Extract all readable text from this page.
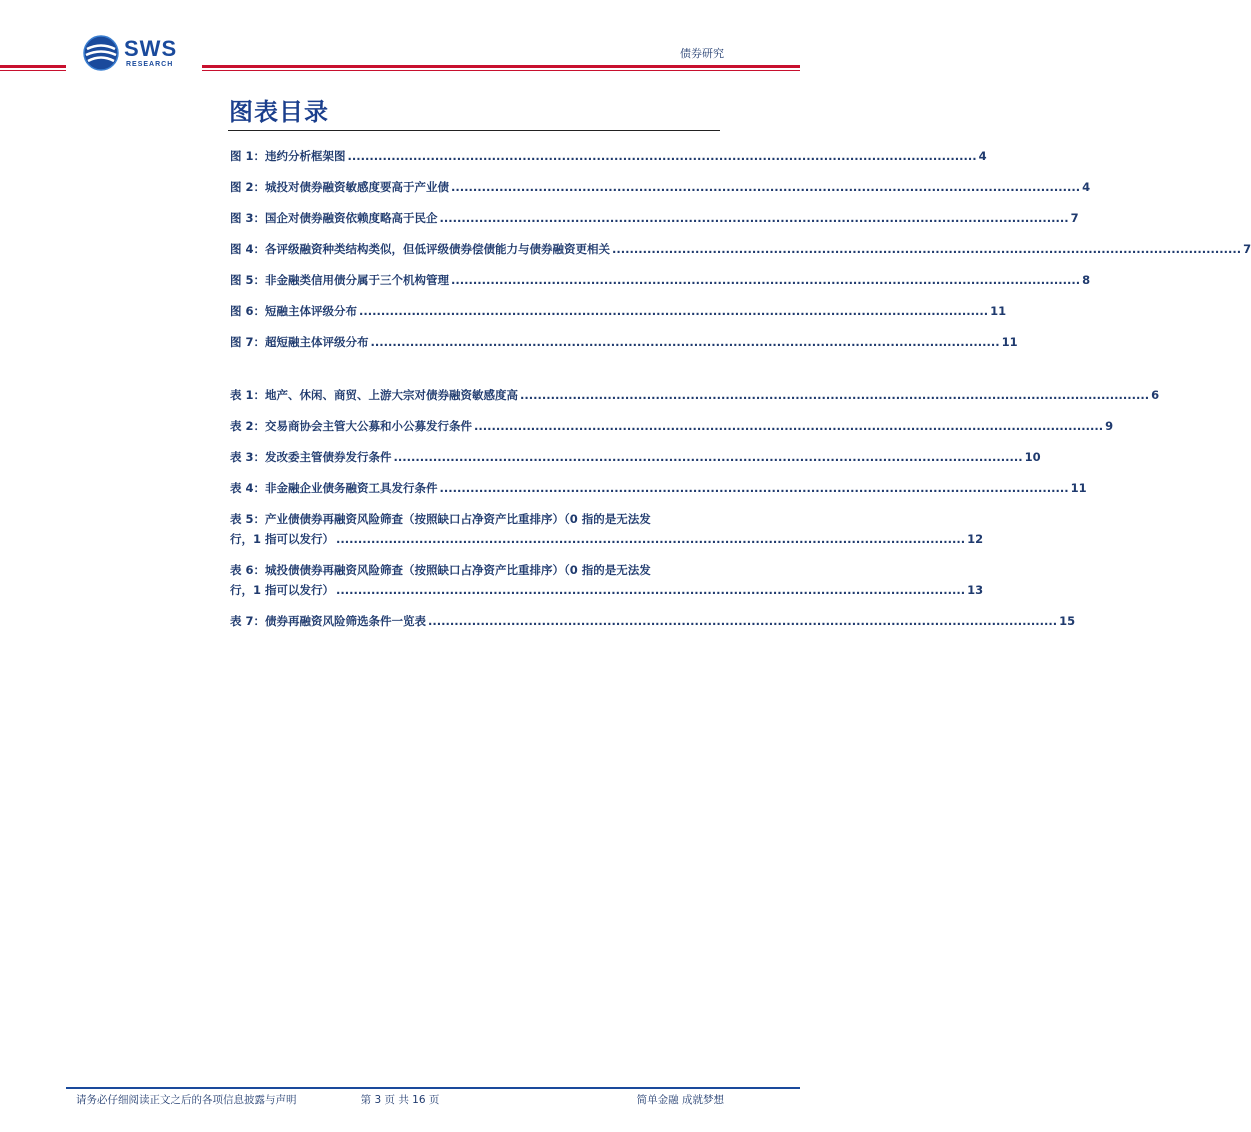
SWS
RESEARCH
债券研究
图表目录
图 1：违约分析框架图 ................................................................................................................................................ 4
图 2：城投对债券融资敏感度要高于产业债 ................................................................................................................................................ 4
图 3：国企对债券融资依赖度略高于民企 ................................................................................................................................................ 7
图 4：各评级融资种类结构类似，但低评级债券偿债能力与债券融资更相关 ................................................................................................................................................ 7
图 5：非金融类信用债分属于三个机构管理 ................................................................................................................................................ 8
图 6：短融主体评级分布 ................................................................................................................................................ 11
图 7：超短融主体评级分布 ................................................................................................................................................ 11
表 1：地产、休闲、商贸、上游大宗对债券融资敏感度高 ................................................................................................................................................ 6
表 2：交易商协会主管大公募和小公募发行条件 ................................................................................................................................................ 9
表 3：发改委主管债券发行条件 ................................................................................................................................................ 10
表 4：非金融企业债务融资工具发行条件 ................................................................................................................................................ 11
表 5：产业债债券再融资风险筛查（按照缺口占净资产比重排序）（0 指的是无法发
行，1 指可以发行） ................................................................................................................................................ 12
表 6：城投债债券再融资风险筛查（按照缺口占净资产比重排序）（0 指的是无法发
行，1 指可以发行） ................................................................................................................................................ 13
表 7：债券再融资风险筛选条件一览表 ................................................................................................................................................ 15
请务必仔细阅读正文之后的各项信息披露与声明	第 3 页 共 16 页	简单金融 成就梦想
